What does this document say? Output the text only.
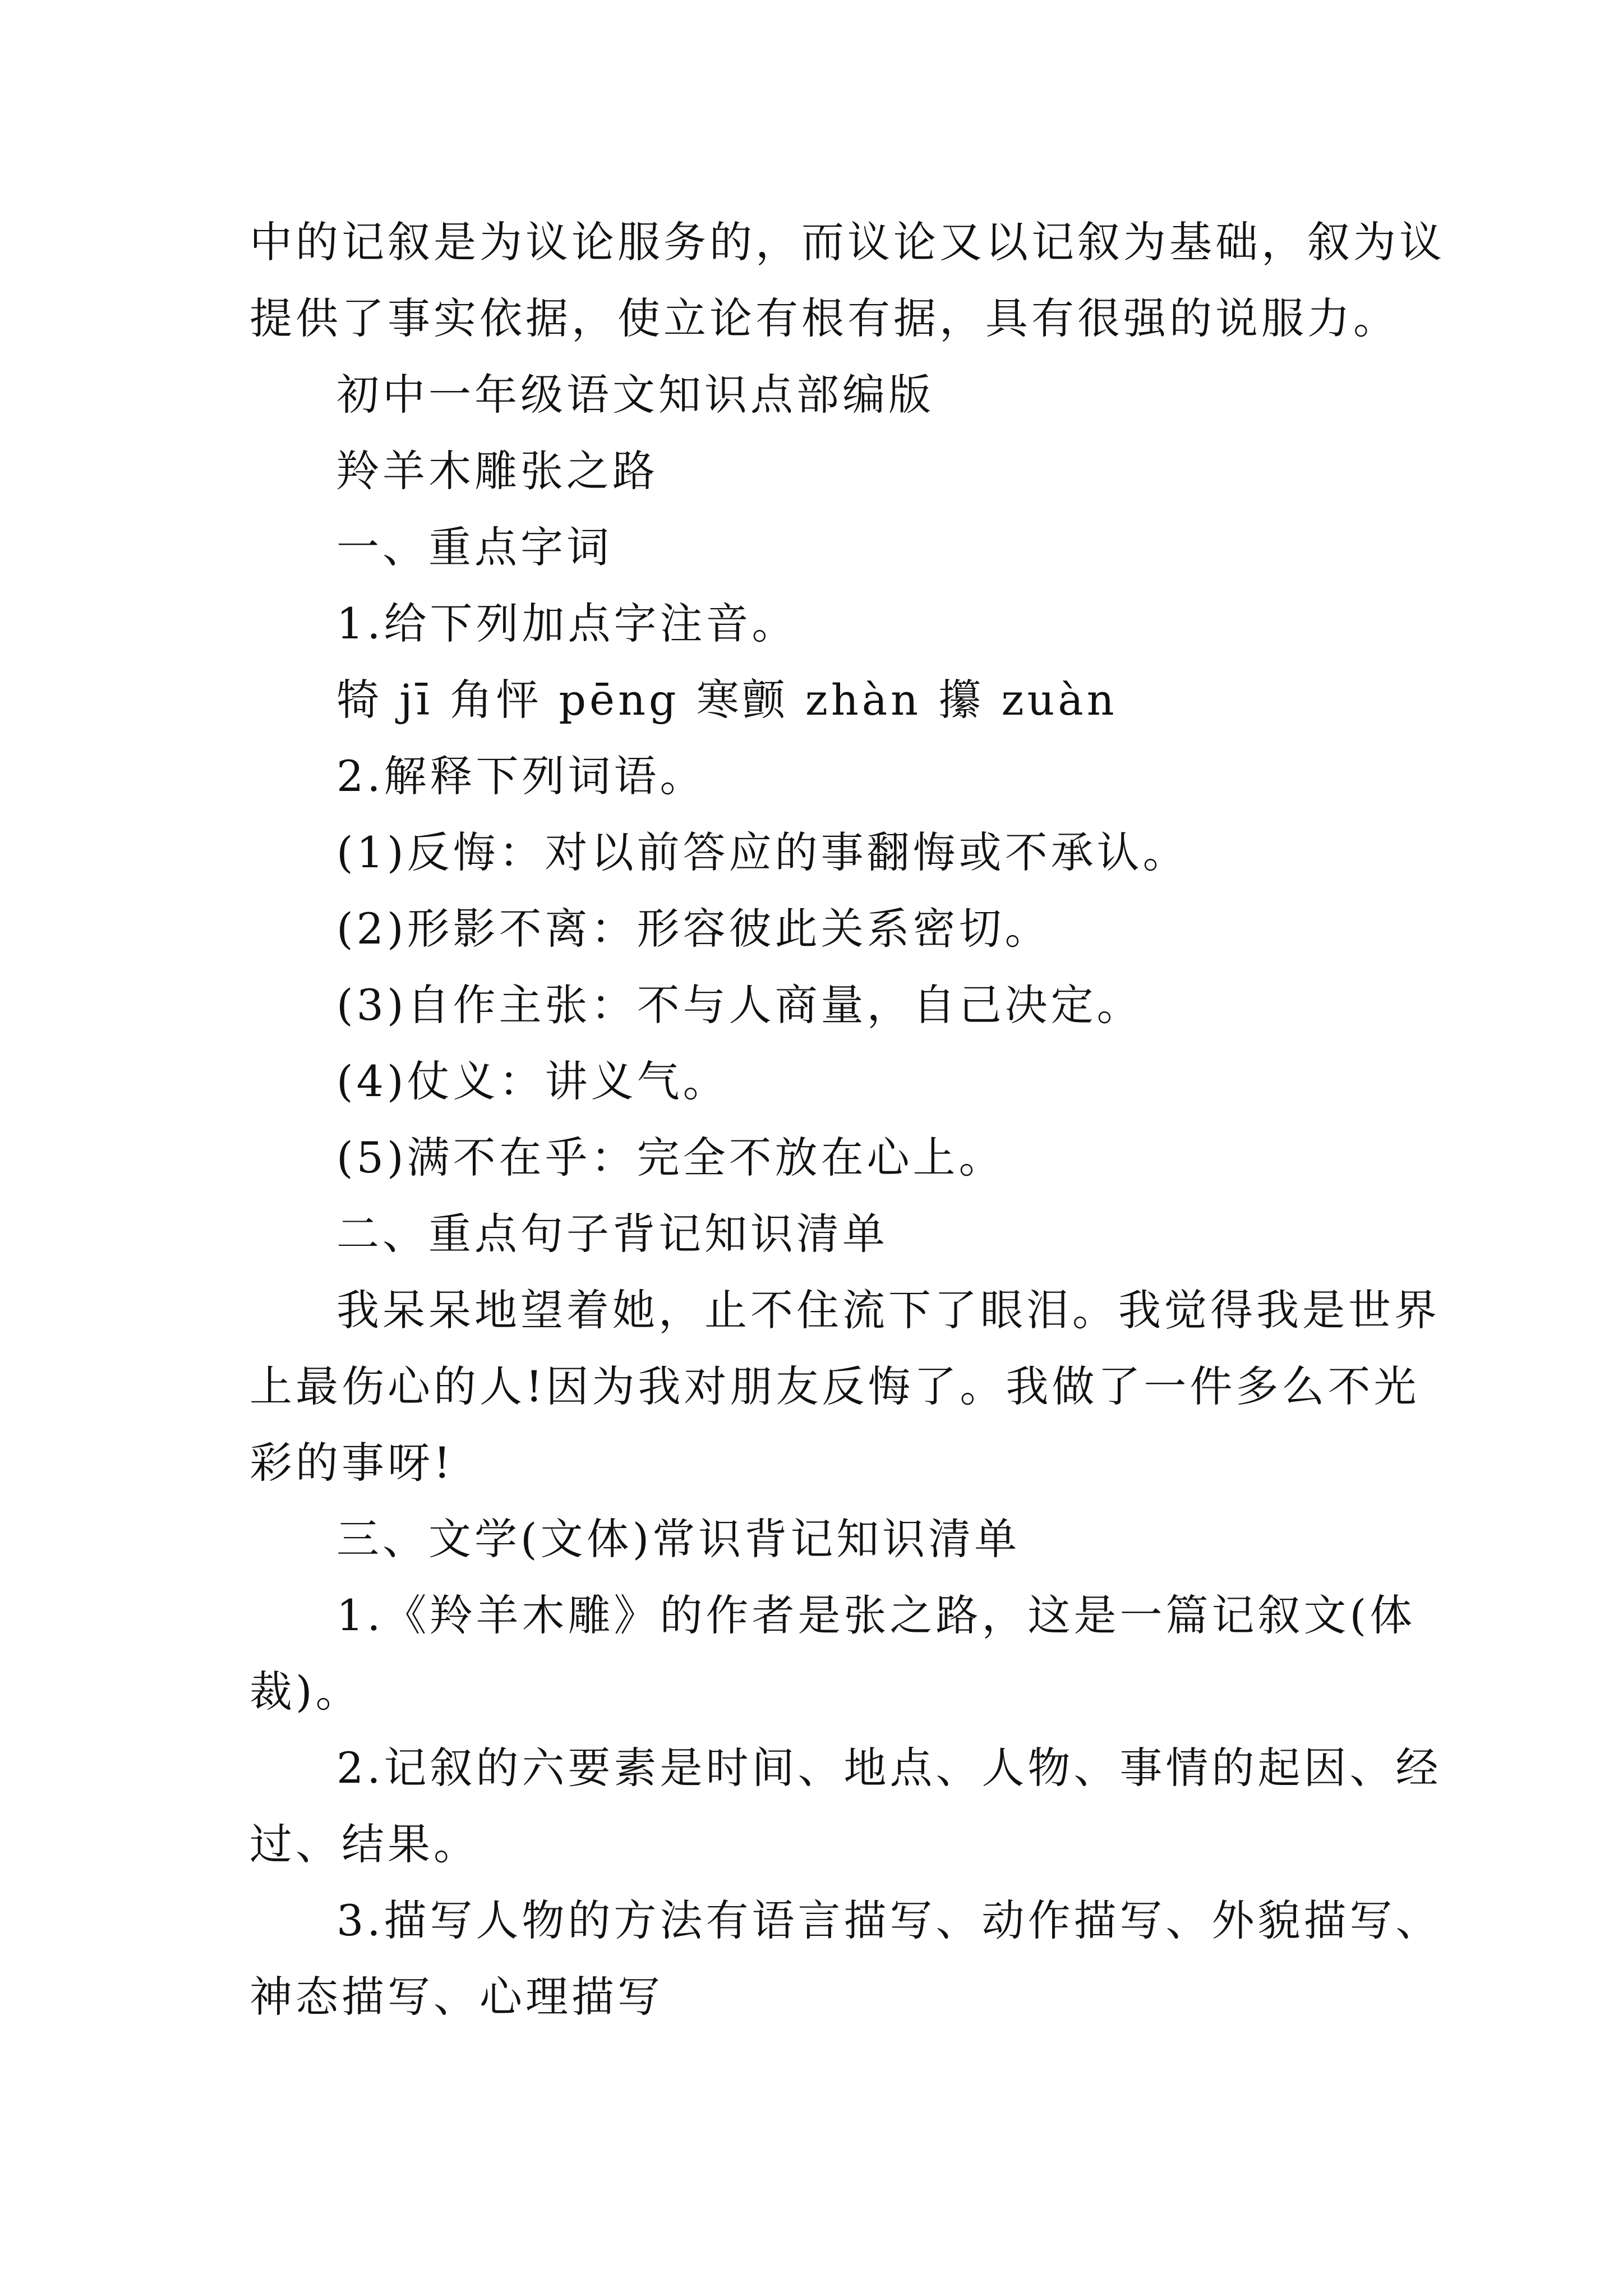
中的记叙是为议论服务的，而议论又以记叙为基础，叙为议
提供了事实依据，使立论有根有据，具有很强的说服力。
初中一年级语文知识点部编版
羚羊木雕张之路
一、重点字词
1.给下列加点字注音。
犄 jī 角怦 pēng 寒颤 zhàn 攥 zuàn
2.解释下列词语。
(1)反悔：对以前答应的事翻悔或不承认。
(2)形影不离：形容彼此关系密切。
(3)自作主张：不与人商量，自己决定。
(4)仗义：讲义气。
(5)满不在乎：完全不放在心上。
二、重点句子背记知识清单
我呆呆地望着她，止不住流下了眼泪。我觉得我是世界
上最伤心的人!因为我对朋友反悔了。我做了一件多么不光
彩的事呀!
三、文学(文体)常识背记知识清单
1.《羚羊木雕》的作者是张之路，这是一篇记叙文(体
裁)。
2.记叙的六要素是时间、地点、人物、事情的起因、经
过、结果。
3.描写人物的方法有语言描写、动作描写、外貌描写、
神态描写、心理描写
